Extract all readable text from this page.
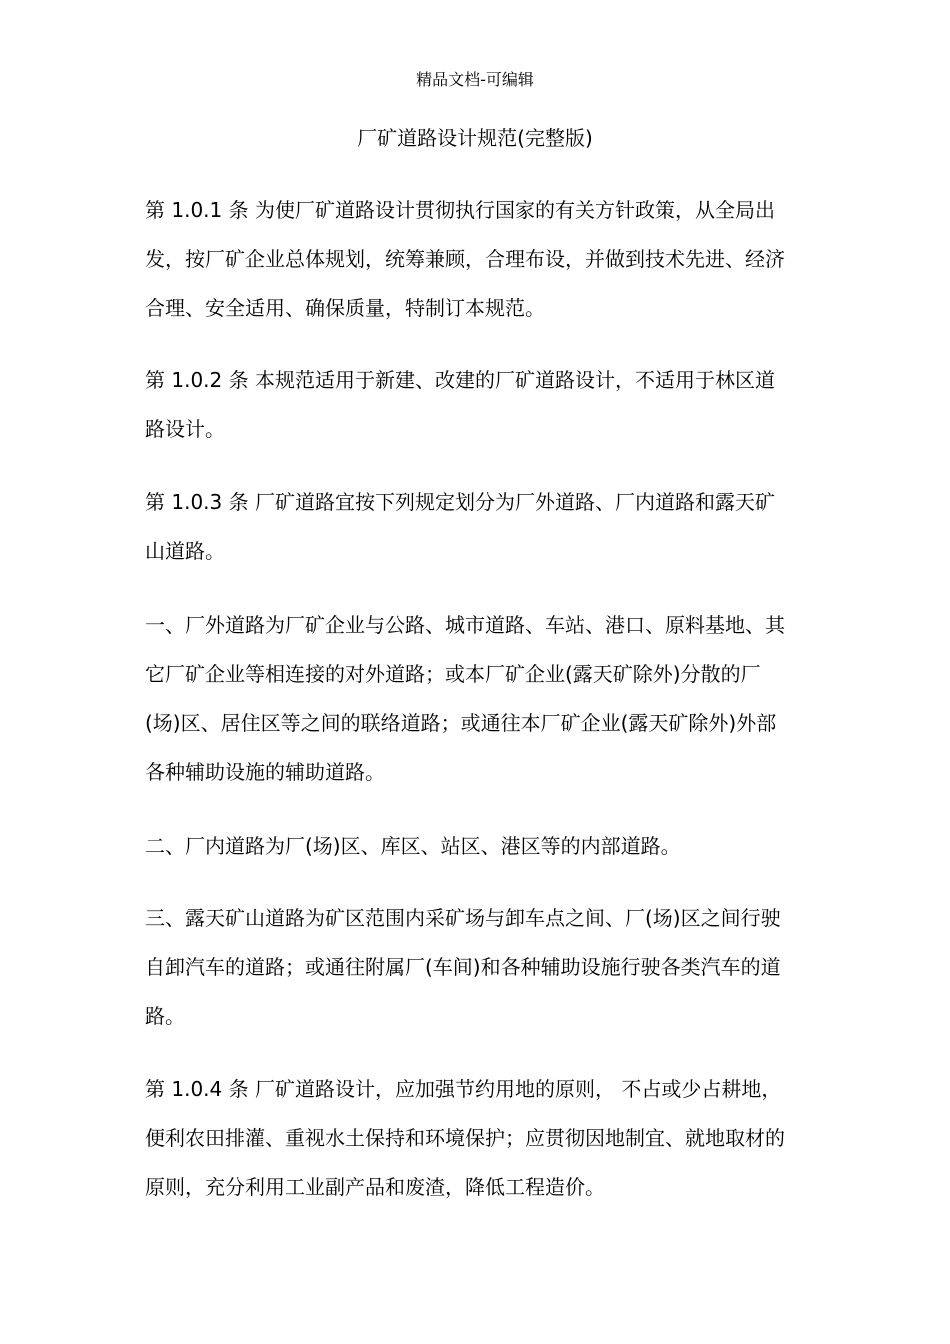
精品文档-可编辑
厂矿道路设计规范(完整版)

第 1.0.1 条 为使厂矿道路设计贯彻执行国家的有关方针政策，从全局出
发，按厂矿企业总体规划，统筹兼顾，合理布设，并做到技术先进、经济
合理、安全适用、确保质量，特制订本规范。

第 1.0.2 条 本规范适用于新建、改建的厂矿道路设计，不适用于林区道
路设计。

第 1.0.3 条 厂矿道路宜按下列规定划分为厂外道路、厂内道路和露天矿
山道路。

一、厂外道路为厂矿企业与公路、城市道路、车站、港口、原料基地、其
它厂矿企业等相连接的对外道路；或本厂矿企业(露天矿除外)分散的厂
(场)区、居住区等之间的联络道路；或通往本厂矿企业(露天矿除外)外部
各种辅助设施的辅助道路。

二、厂内道路为厂(场)区、库区、站区、港区等的内部道路。

三、露天矿山道路为矿区范围内采矿场与卸车点之间、厂(场)区之间行驶
自卸汽车的道路；或通往附属厂(车间)和各种辅助设施行驶各类汽车的道
路。

第 1.0.4 条 厂矿道路设计，应加强节约用地的原则， 不占或少占耕地，
便利农田排灌、重视水土保持和环境保护；应贯彻因地制宜、就地取材的
原则，充分利用工业副产品和废渣，降低工程造价。
